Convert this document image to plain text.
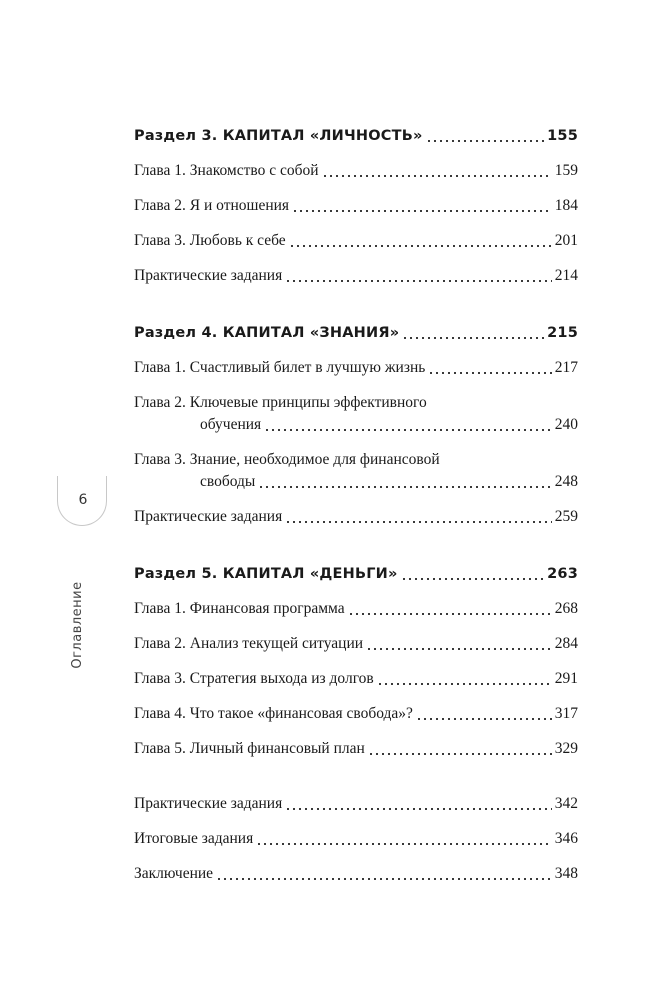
Раздел 3. КАПИТАЛ «ЛИЧНОСТЬ»	155
Глава 1. Знакомство с собой	159
Глава 2. Я и отношения	184
Глава 3. Любовь к себе	201
Практические задания	214
Раздел 4. КАПИТАЛ «ЗНАНИЯ»	215
Глава 1. Счастливый билет в лучшую жизнь	217
Глава 2. Ключевые принципы эффективного
обучения	240
Глава 3. Знание, необходимое для финансовой
свободы	248
Практические задания	259
Раздел 5. КАПИТАЛ «ДЕНЬГИ»	263
Глава 1. Финансовая программа	268
Глава 2. Анализ текущей ситуации	284
Глава 3. Стратегия выхода из долгов	291
Глава 4. Что такое «финансовая свобода»?	317
Глава 5. Личный финансовый план	329
Практические задания	342
Итоговые задания	346
Заключение	348
6
Оглавление
